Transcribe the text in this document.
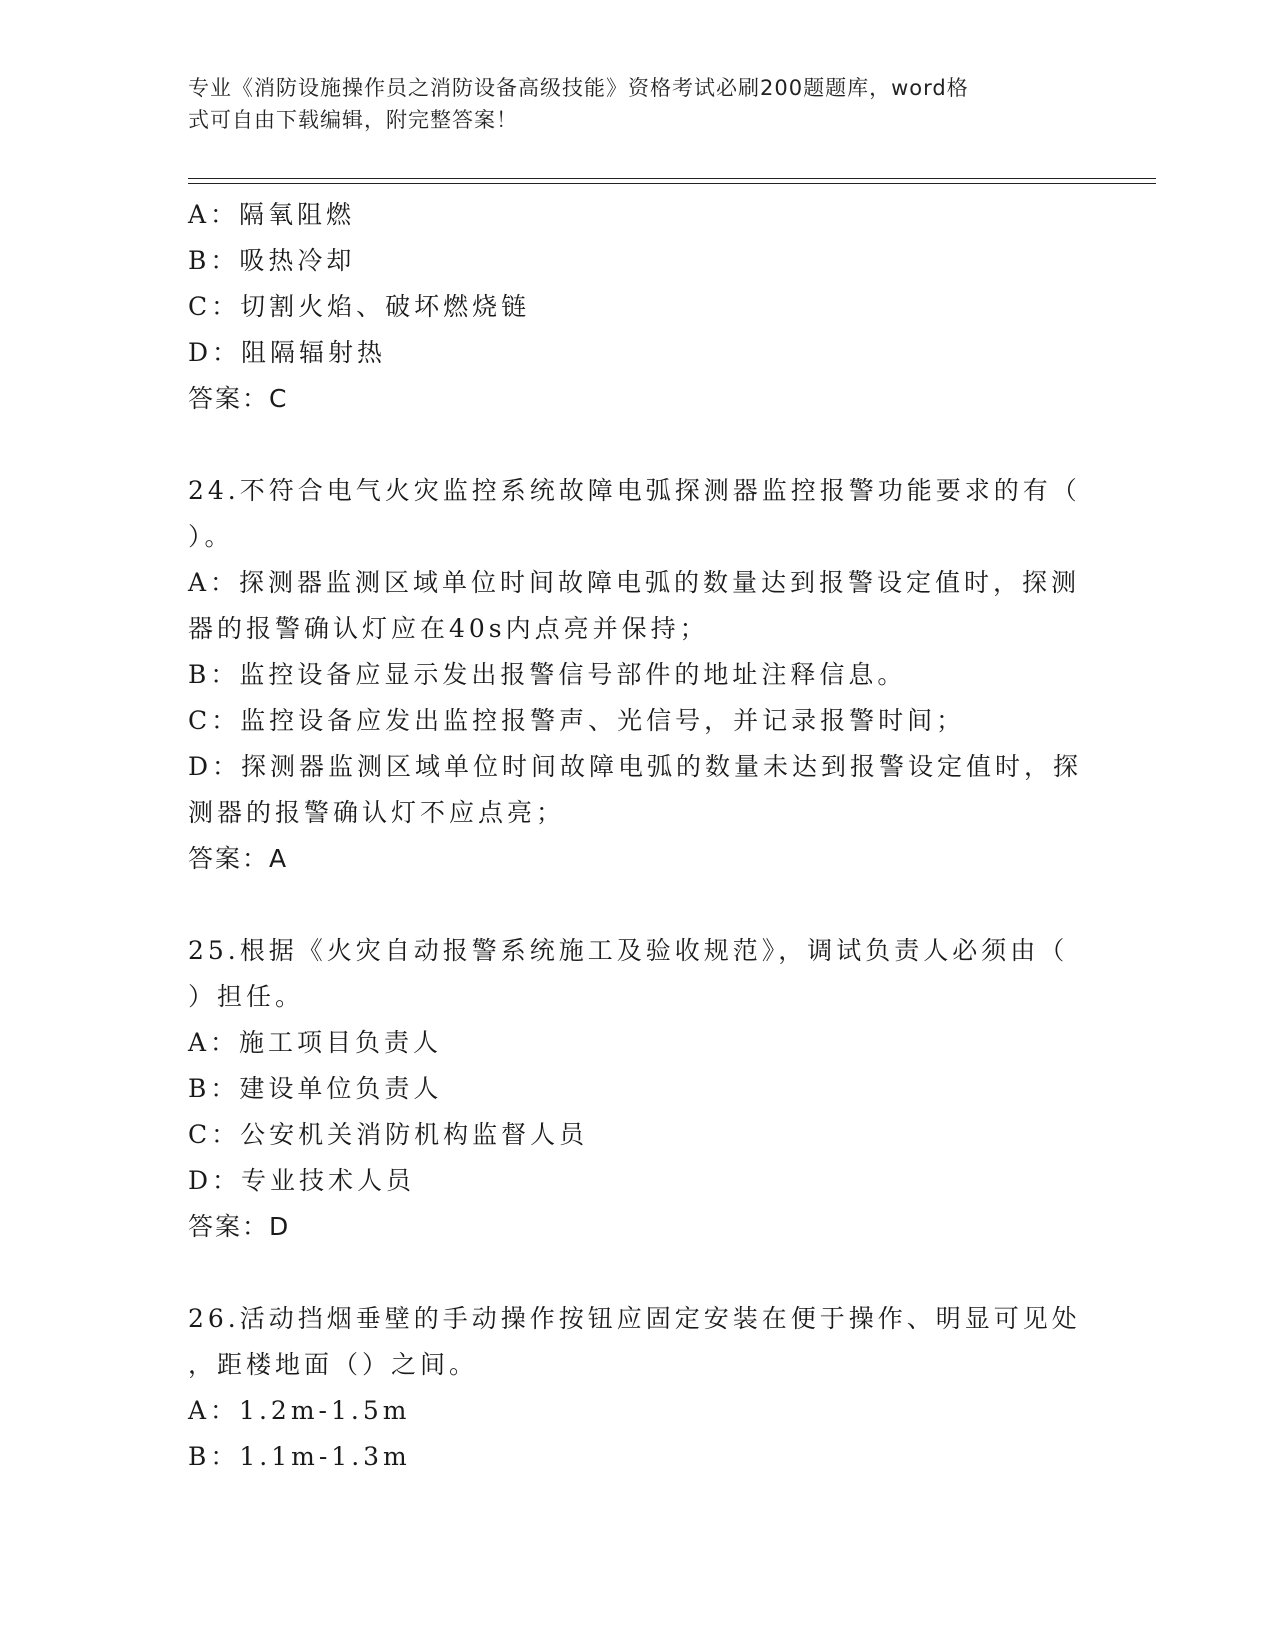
专业《消防设施操作员之消防设备高级技能》资格考试必刷200题题库，word格
式可自由下载编辑，附完整答案！
A：隔氧阻燃
B：吸热冷却
C：切割火焰、破坏燃烧链
D：阻隔辐射热
答案：C
24.不符合电气火灾监控系统故障电弧探测器监控报警功能要求的有（
）。
A：探测器监测区域单位时间故障电弧的数量达到报警设定值时，探测
器的报警确认灯应在40s内点亮并保持；
B：监控设备应显示发出报警信号部件的地址注释信息。
C：监控设备应发出监控报警声、光信号，并记录报警时间；
D：探测器监测区域单位时间故障电弧的数量未达到报警设定值时，探
测器的报警确认灯不应点亮；
答案：A
25.根据《火灾自动报警系统施工及验收规范》，调试负责人必须由（
）担任。
A：施工项目负责人
B：建设单位负责人
C：公安机关消防机构监督人员
D：专业技术人员
答案：D
26.活动挡烟垂壁的手动操作按钮应固定安装在便于操作、明显可见处
，距楼地面（）之间。
A：1.2m-1.5m
B：1.1m-1.3m
